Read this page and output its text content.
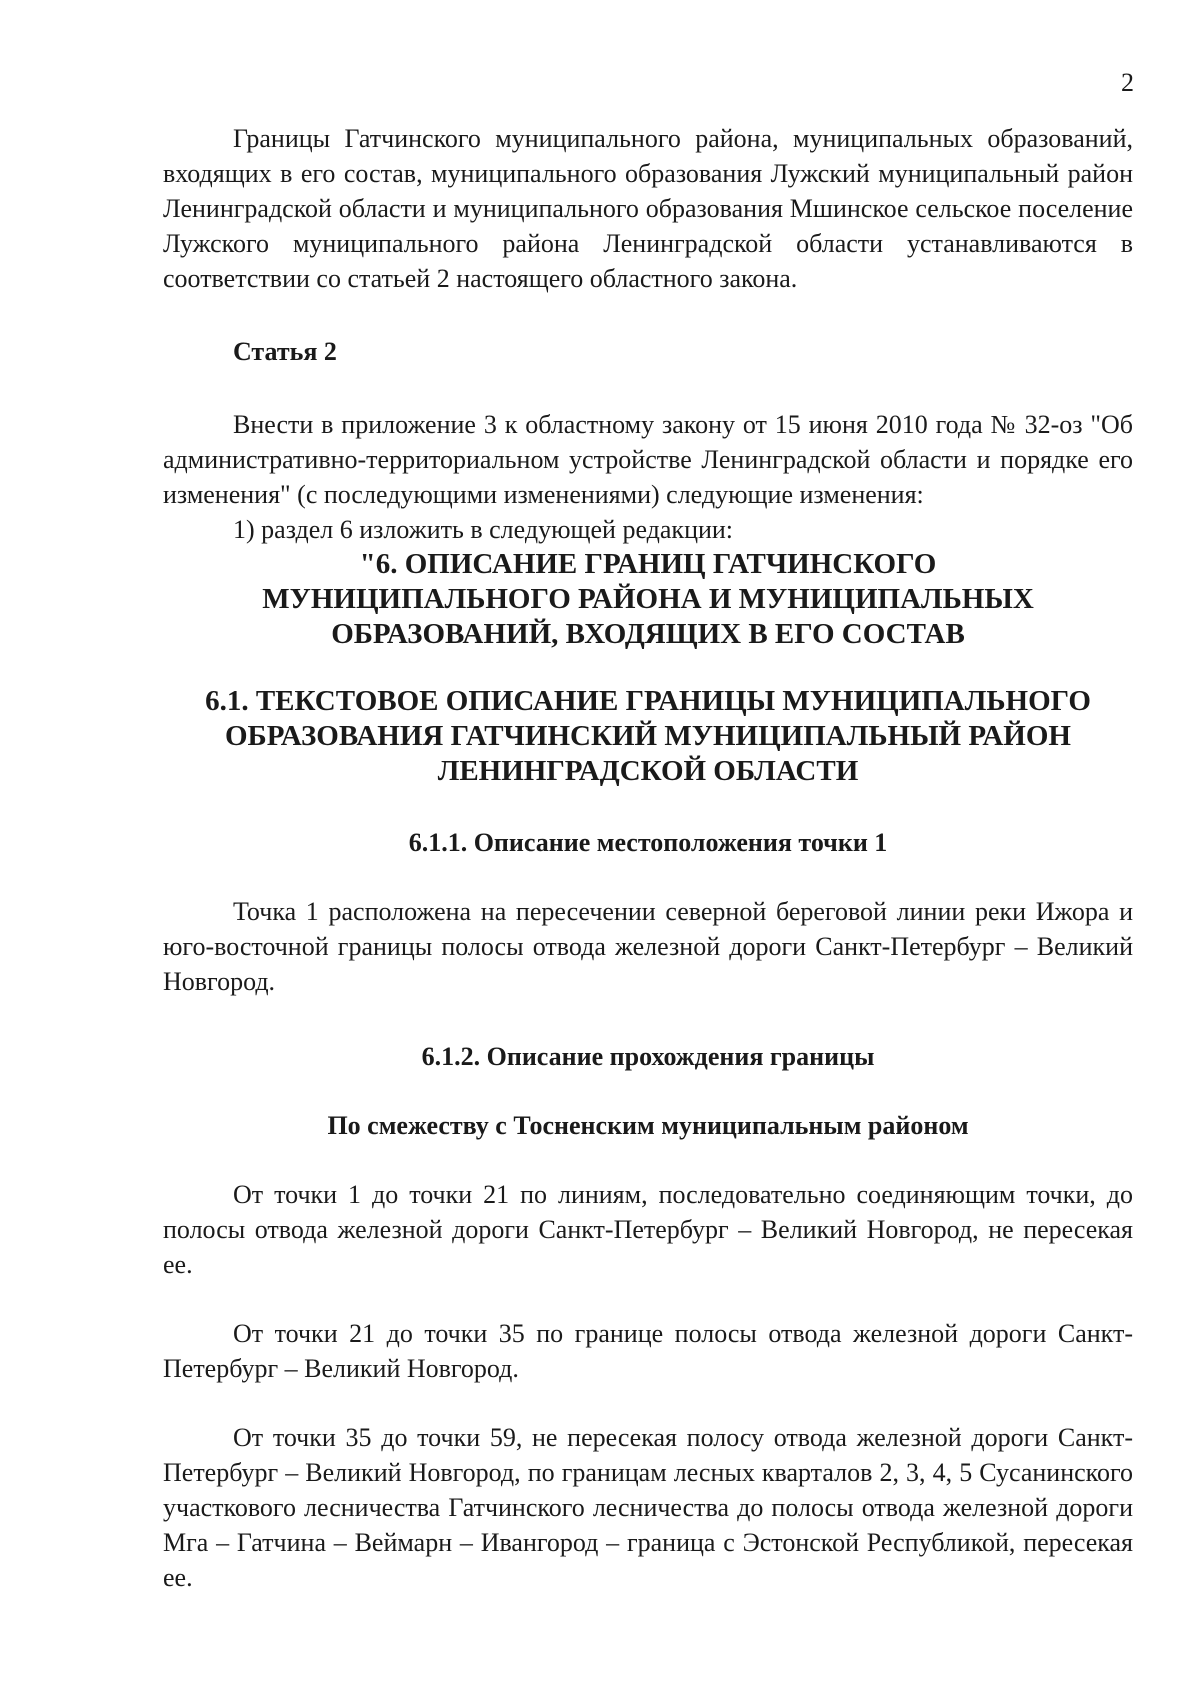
2

Границы Гатчинского муниципального района, муниципальных образований, входящих в его состав, муниципального образования Лужский муниципальный район Ленинградской области и муниципального образования Мшинское сельское поселение Лужского муниципального района Ленинградской области устанавливаются в соответствии со статьей 2 настоящего областного закона.

Статья 2

Внести в приложение 3 к областному закону от 15 июня 2010 года № 32-оз "Об административно-территориальном устройстве Ленинградской области и порядке его изменения" (с последующими изменениями) следующие изменения:

1) раздел 6 изложить в следующей редакции:

"6. ОПИСАНИЕ ГРАНИЦ ГАТЧИНСКОГО МУНИЦИПАЛЬНОГО РАЙОНА И МУНИЦИПАЛЬНЫХ ОБРАЗОВАНИЙ, ВХОДЯЩИХ В ЕГО СОСТАВ
6.1. ТЕКСТОВОЕ ОПИСАНИЕ ГРАНИЦЫ МУНИЦИПАЛЬНОГО ОБРАЗОВАНИЯ ГАТЧИНСКИЙ МУНИЦИПАЛЬНЫЙ РАЙОН ЛЕНИНГРАДСКОЙ ОБЛАСТИ
6.1.1. Описание местоположения точки 1

Точка 1 расположена на пересечении северной береговой линии реки Ижора и юго-восточной границы полосы отвода железной дороги Санкт-Петербург – Великий Новгород.

6.1.2. Описание прохождения границы
По смежеству с Тосненским муниципальным районом

От точки 1 до точки 21 по линиям, последовательно соединяющим точки, до полосы отвода железной дороги Санкт-Петербург – Великий Новгород, не пересекая ее.

От точки 21 до точки 35 по границе полосы отвода железной дороги Санкт-Петербург – Великий Новгород.

От точки 35 до точки 59, не пересекая полосу отвода железной дороги Санкт-Петербург – Великий Новгород, по границам лесных кварталов 2, 3, 4, 5 Сусанинского участкового лесничества Гатчинского лесничества до полосы отвода железной дороги Мга – Гатчина – Веймарн – Ивангород – граница с Эстонской Республикой, пересекая ее.
